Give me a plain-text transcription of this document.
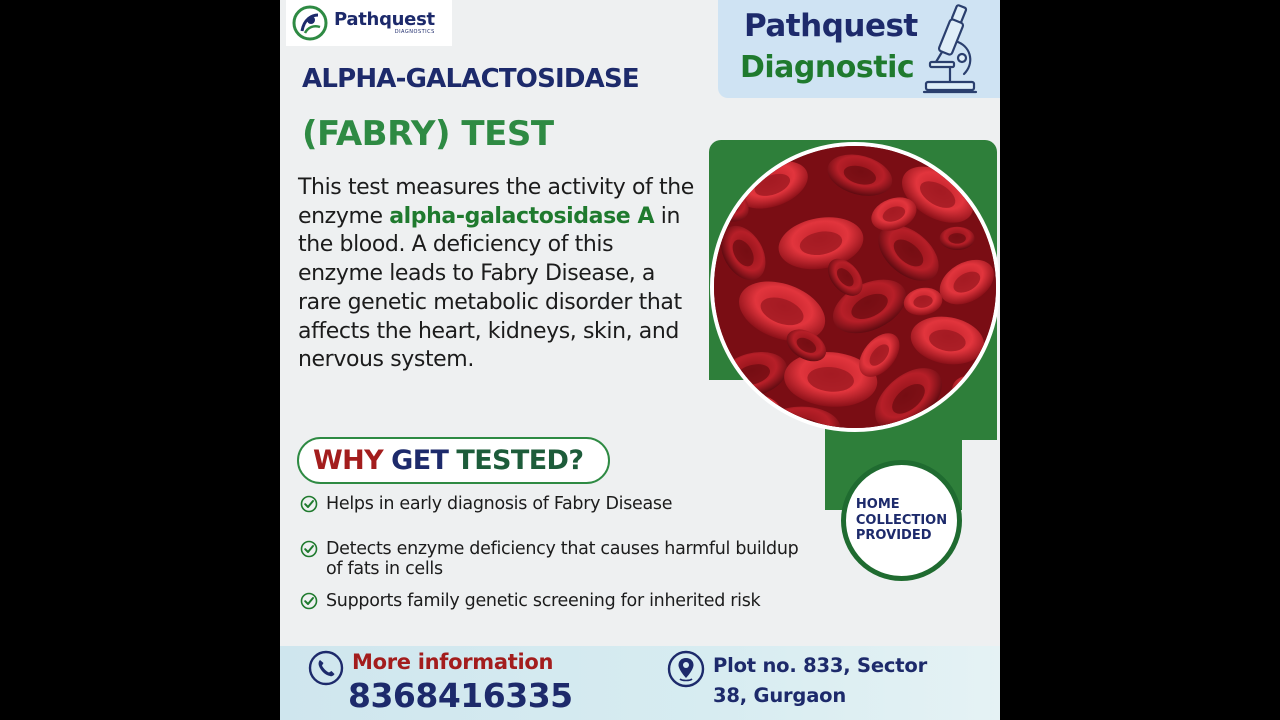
Pathquest
DIAGNOSTICS	Pathquest
Diagnostic
ALPHA-GALACTOSIDASE
(FABRY) TEST

This test measures the activity of the enzyme alpha-galactosidase A in the blood. A deficiency of this enzyme leads to Fabry Disease, a rare genetic metabolic disorder that affects the heart, kidneys, skin, and nervous system.

HOME
COLLECTION
PROVIDED
WHY GET TESTED?
Helps in early diagnosis of Fabry Disease
Detects enzyme deficiency that causes harmful buildup of fats in cells
Supports family genetic screening for inherited risk
More information
8368416335
Plot no. 833, Sector 38, Gurgaon
